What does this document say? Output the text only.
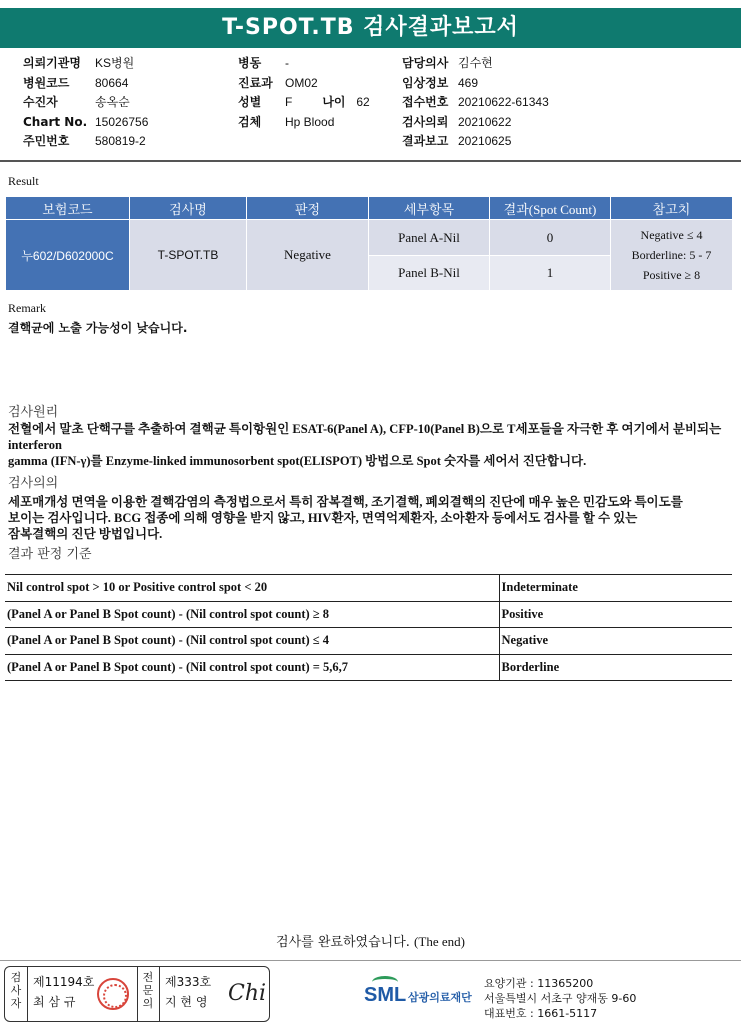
T-SPOT.TB 검사결과보고서
의뢰기관명	KS병원
병원코드	80664
수진자	송옥순
Chart No. 15026756
주민번호	580819-2
병동	-
진료과	OM02
성별	F	나이 62
검체	Hp Blood
담당의사 김수현
임상정보 469
접수번호 20210622-61343
검사의뢰 20210622
결과보고 20210625
Result
보험코드	검사명	판정	세부항목	결과(Spot Count)	참고치
누602/D602000C	T-SPOT.TB	Negative	Panel A-Nil	0	Negative ≤ 4
Borderline: 5 - 7
Positive ≥ 8

			Panel B-Nil	1	
Remark
결핵균에 노출 가능성이 낮습니다.
검사원리
전혈에서 말초 단핵구를 추출하여 결핵균 특이항원인 ESAT-6(Panel A), CFP-10(Panel B)으로 T세포들을 자극한 후 여기에서 분비되는
interferon
gamma (IFN-γ)를 Enzyme-linked immunosorbent spot(ELISPOT) 방법으로 Spot 숫자를 세어서 진단합니다.
검사의의
세포매개성 면역을 이용한 결핵감염의 측정법으로서 특히 잠복결핵, 조기결핵, 폐외결핵의 진단에 매우 높은 민감도와 특이도를
보이는 검사입니다. BCG 접종에 의해 영향을 받지 않고, HIV환자, 면역억제환자, 소아환자 등에서도 검사를 할 수 있는
잠복결핵의 진단 방법입니다.
결과 판정 기준
Nil control spot > 10 or Positive control spot < 20	Indeterminate
(Panel A or Panel B Spot count) - (Nil control spot count) ≥ 8	Positive
(Panel A or Panel B Spot count) - (Nil control spot count) ≤ 4	Negative
(Panel A or Panel B Spot count) - (Nil control spot count) = 5,6,7	Borderline
검사를 완료하였습니다. (The end)
검
사
자
제11194호
최 삼 규
전
문
의
제333호
지 현 영 Chi	SML 삼광의료재단
요양기관 : 11365200
서울특별시 서초구 양재동 9-60
대표번호 : 1661-5117
